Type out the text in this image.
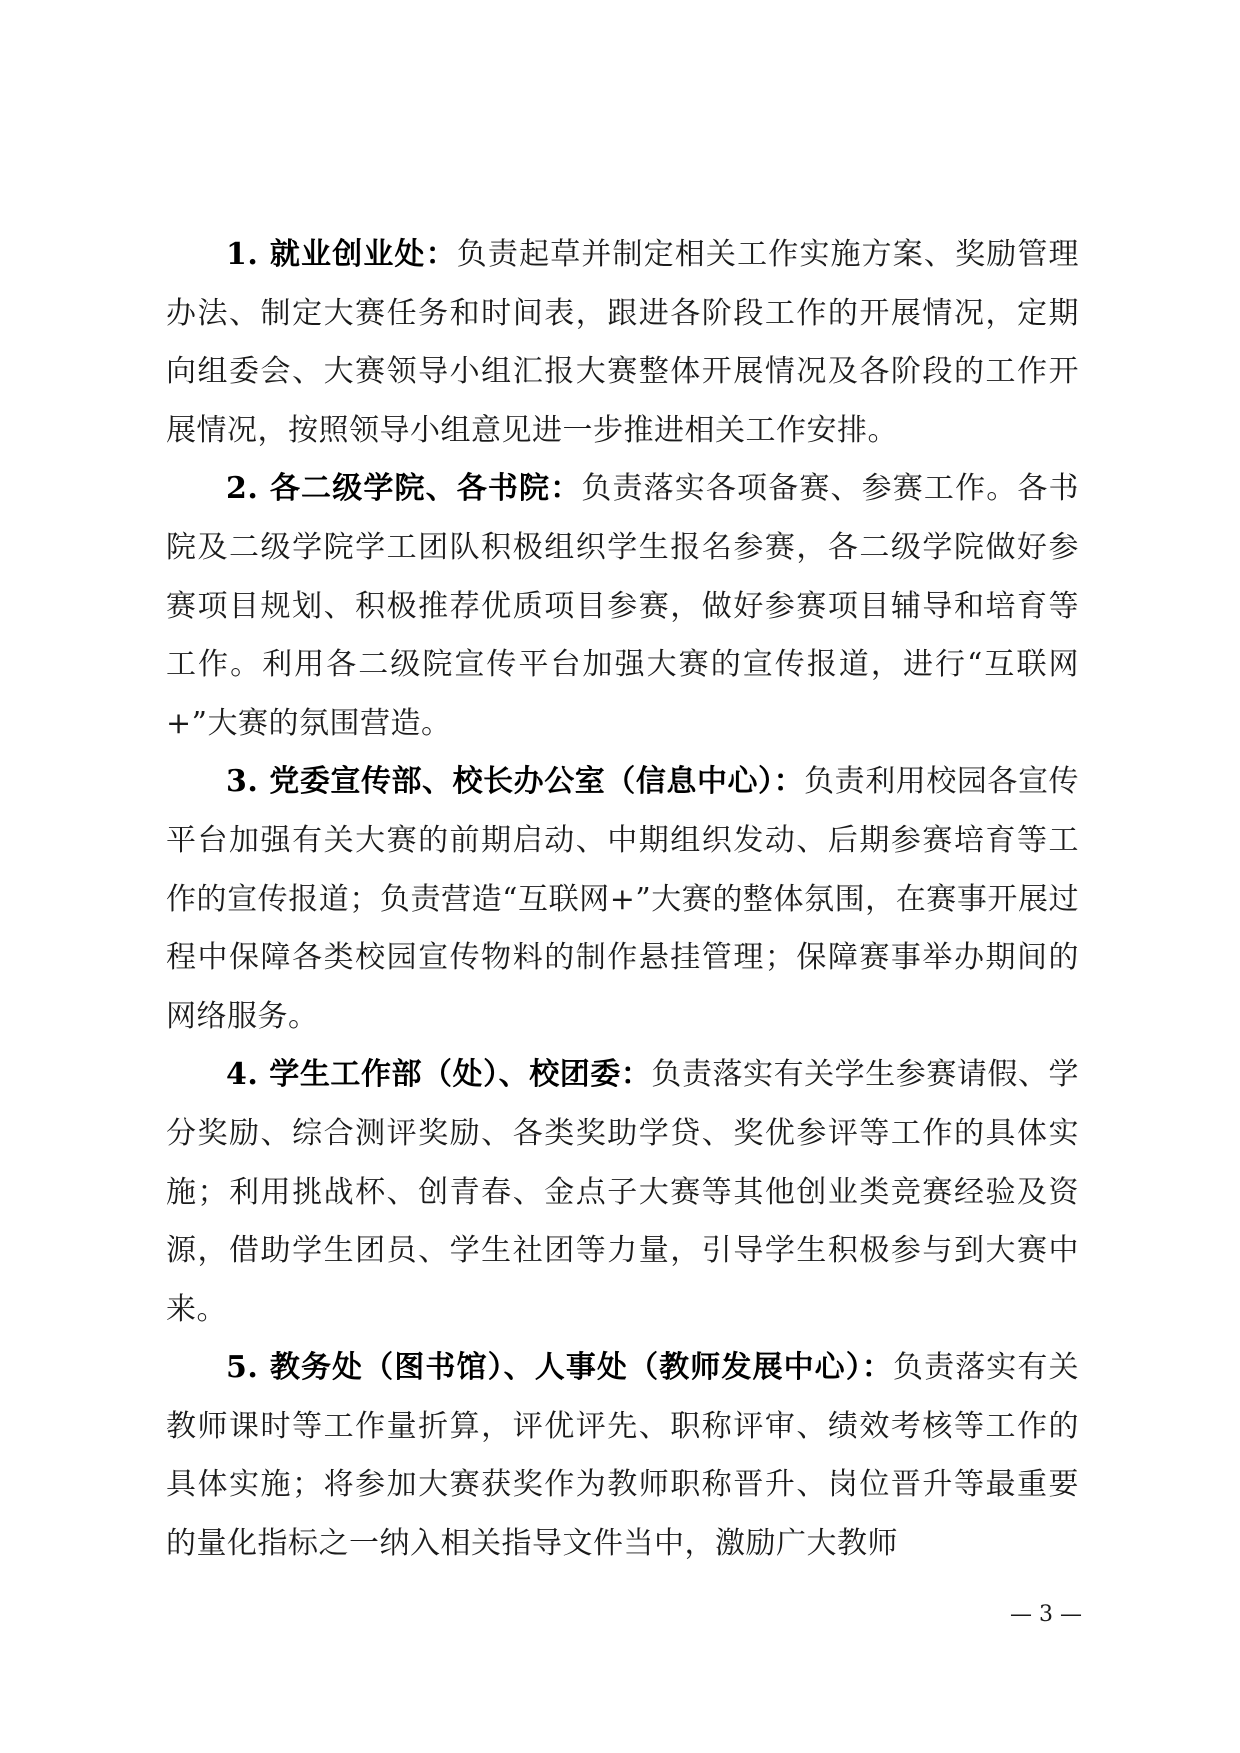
1. 就业创业处：负责起草并制定相关工作实施方案、奖励管理办法、制定大赛任务和时间表，跟进各阶段工作的开展情况，定期向组委会、大赛领导小组汇报大赛整体开展情况及各阶段的工作开展情况，按照领导小组意见进一步推进相关工作安排。

2. 各二级学院、各书院：负责落实各项备赛、参赛工作。各书院及二级学院学工团队积极组织学生报名参赛，各二级学院做好参赛项目规划、积极推荐优质项目参赛，做好参赛项目辅导和培育等工作。利用各二级院宣传平台加强大赛的宣传报道，进行“互联网+”大赛的氛围营造。

3. 党委宣传部、校长办公室（信息中心）：负责利用校园各宣传平台加强有关大赛的前期启动、中期组织发动、后期参赛培育等工作的宣传报道；负责营造“互联网+”大赛的整体氛围，在赛事开展过程中保障各类校园宣传物料的制作悬挂管理；保障赛事举办期间的网络服务。

4. 学生工作部（处）、校团委：负责落实有关学生参赛请假、学分奖励、综合测评奖励、各类奖助学贷、奖优参评等工作的具体实施；利用挑战杯、创青春、金点子大赛等其他创业类竞赛经验及资源，借助学生团员、学生社团等力量，引导学生积极参与到大赛中来。

5. 教务处（图书馆）、人事处（教师发展中心）：负责落实有关教师课时等工作量折算，评优评先、职称评审、绩效考核等工作的具体实施；将参加大赛获奖作为教师职称晋升、岗位晋升等最重要的量化指标之一纳入相关指导文件当中，激励广大教师

— 3 —
